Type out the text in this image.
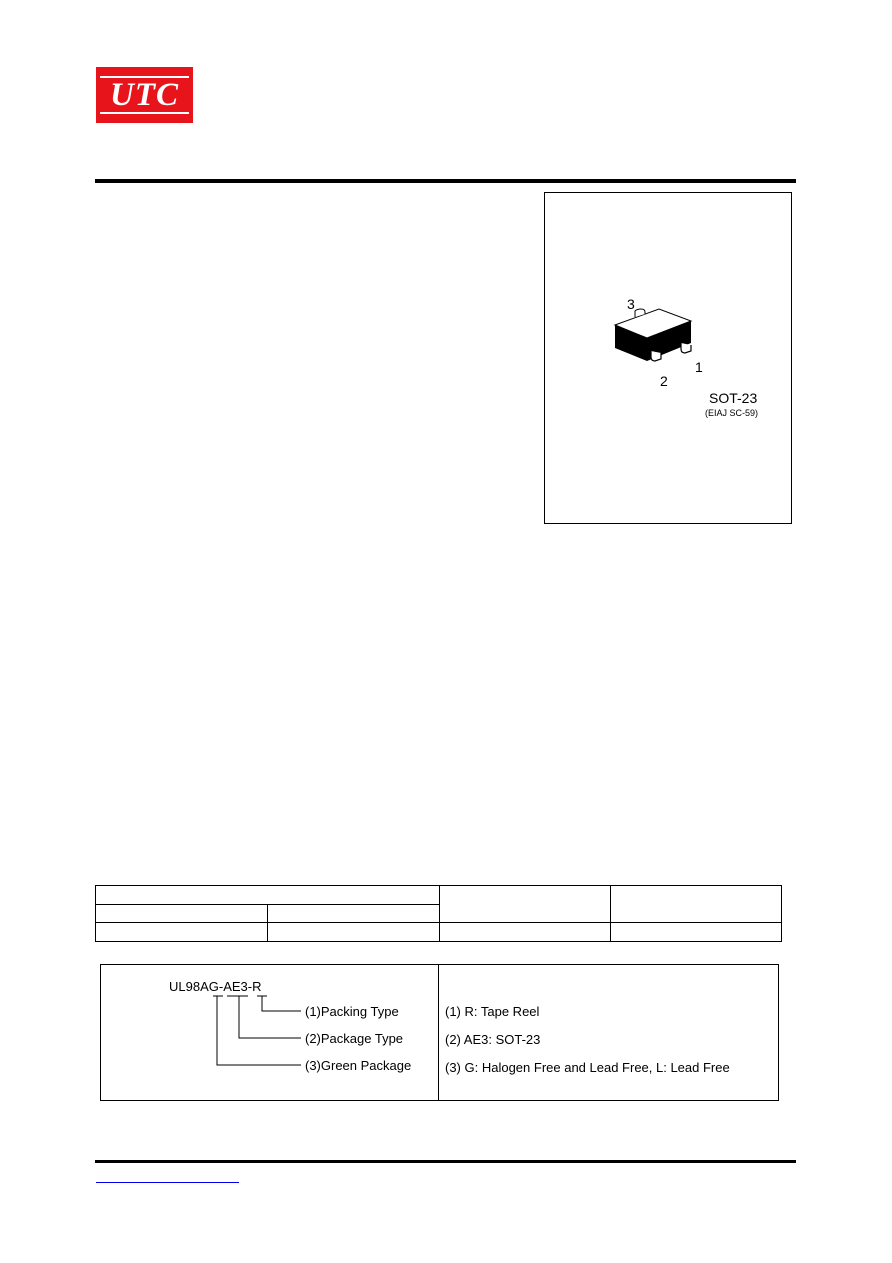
UTC
3
1
2
SOT-23
(EIAJ SC-59)

UL98AG-AE3-R
(1)Packing Type
(2)Package Type
(3)Green Package
(1) R: Tape Reel
(2) AE3: SOT-23
(3) G: Halogen Free and Lead Free, L: Lead Free
